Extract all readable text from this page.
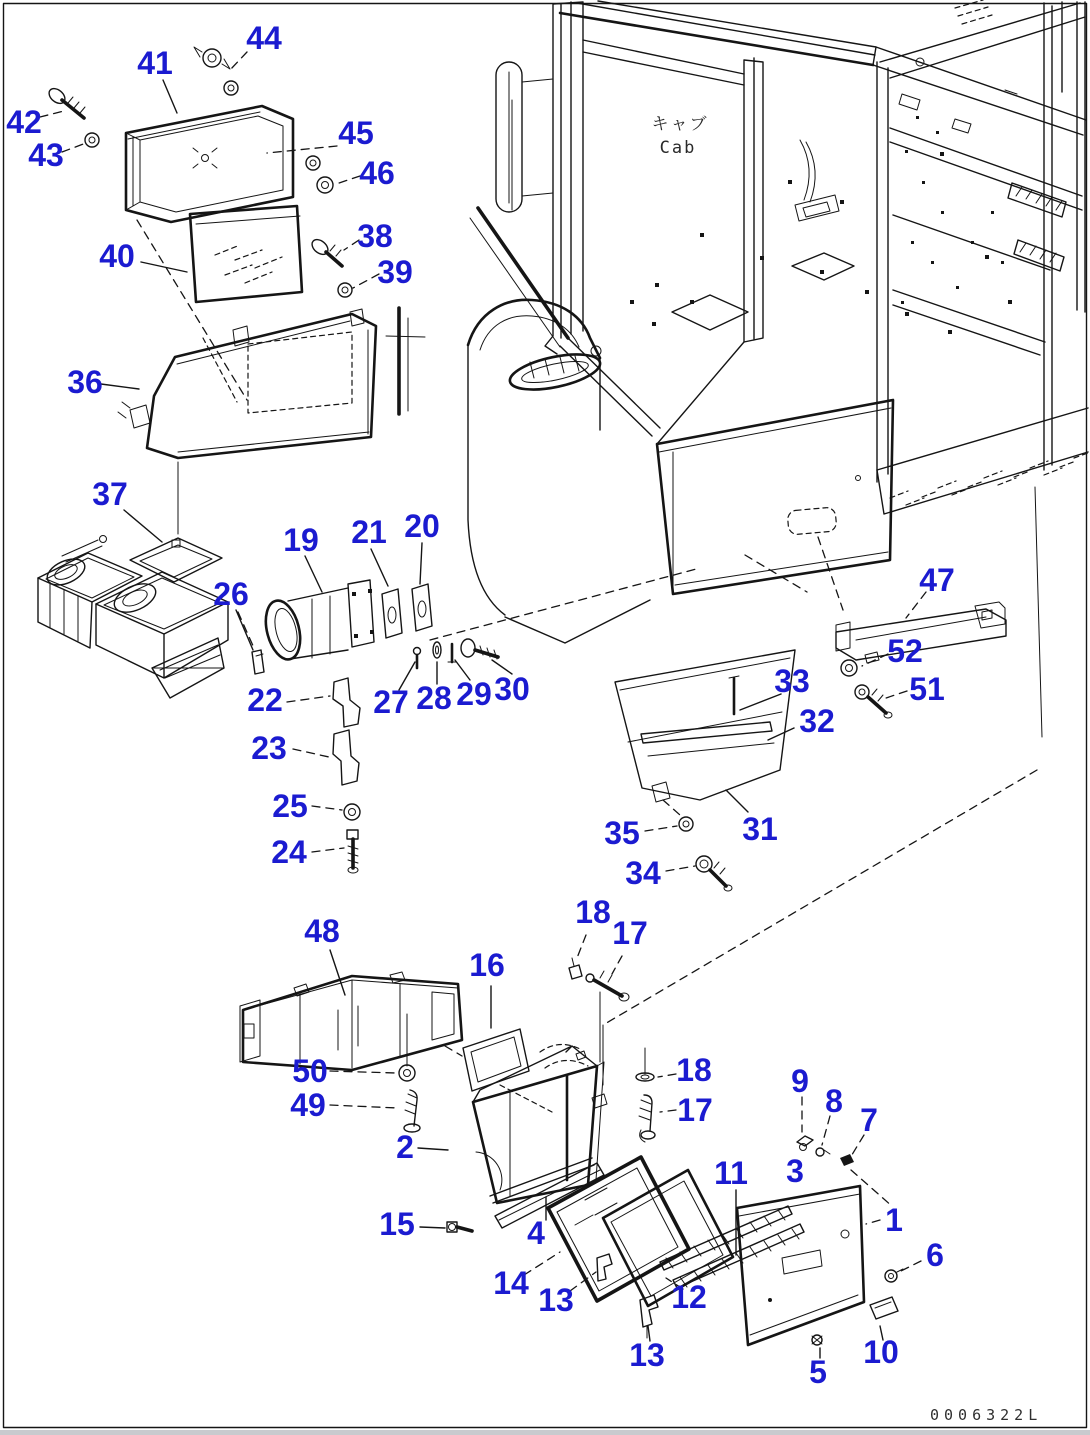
キャブ
Cab
0006322L
44
41
42
43
45
46
38
39
40
36
37
19 21 20
26
22	27 28 29 30
23
25
24
47
52
51
33
32
31
35
34
18
17
48
16
50
49
2
15	4
14 13	12
11
13
18
17
9
8
7
3
1
6
10
5
